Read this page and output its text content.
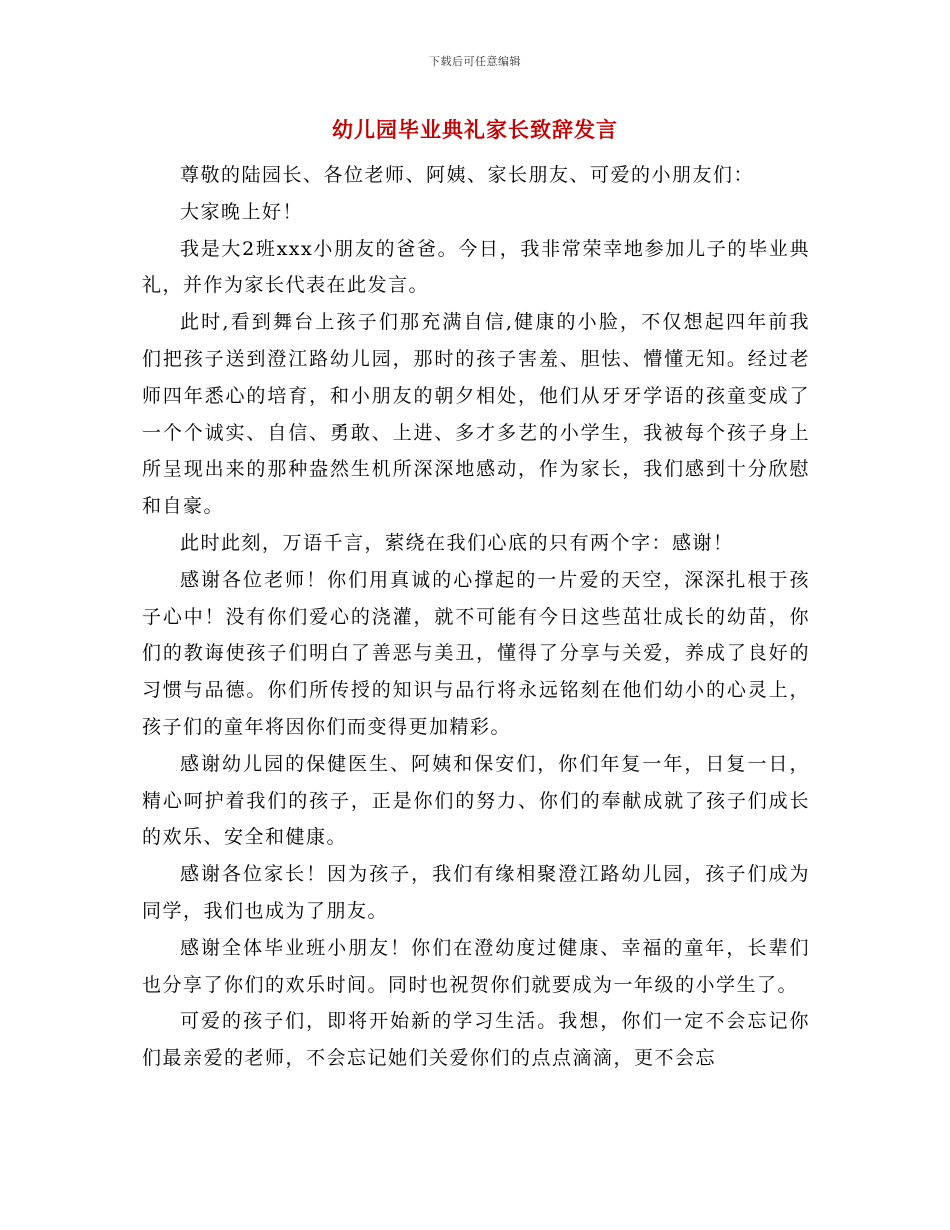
下载后可任意编辑
幼儿园毕业典礼家长致辞发言

尊敬的陆园长、各位老师、阿姨、家长朋友、可爱的小朋友们：

大家晚上好！

我是大2班xxx小朋友的爸爸。今日，我非常荣幸地参加儿子的毕业典礼，并作为家长代表在此发言。

此时,看到舞台上孩子们那充满自信,健康的小脸，不仅想起四年前我们把孩子送到澄江路幼儿园，那时的孩子害羞、胆怯、懵懂无知。经过老师四年悉心的培育，和小朋友的朝夕相处，他们从牙牙学语的孩童变成了一个个诚实、自信、勇敢、上进、多才多艺的小学生，我被每个孩子身上所呈现出来的那种盎然生机所深深地感动，作为家长，我们感到十分欣慰和自豪。

此时此刻，万语千言，萦绕在我们心底的只有两个字：感谢！

感谢各位老师！你们用真诚的心撑起的一片爱的天空，深深扎根于孩子心中！没有你们爱心的浇灌，就不可能有今日这些茁壮成长的幼苗，你们的教诲使孩子们明白了善恶与美丑，懂得了分享与关爱，养成了良好的习惯与品德。你们所传授的知识与品行将永远铭刻在他们幼小的心灵上，孩子们的童年将因你们而变得更加精彩。

感谢幼儿园的保健医生、阿姨和保安们，你们年复一年，日复一日，精心呵护着我们的孩子，正是你们的努力、你们的奉献成就了孩子们成长的欢乐、安全和健康。

感谢各位家长！因为孩子，我们有缘相聚澄江路幼儿园，孩子们成为同学，我们也成为了朋友。

感谢全体毕业班小朋友！你们在澄幼度过健康、幸福的童年，长辈们也分享了你们的欢乐时间。同时也祝贺你们就要成为一年级的小学生了。

可爱的孩子们，即将开始新的学习生活。我想，你们一定不会忘记你们最亲爱的老师，不会忘记她们关爱你们的点点滴滴，更不会忘
